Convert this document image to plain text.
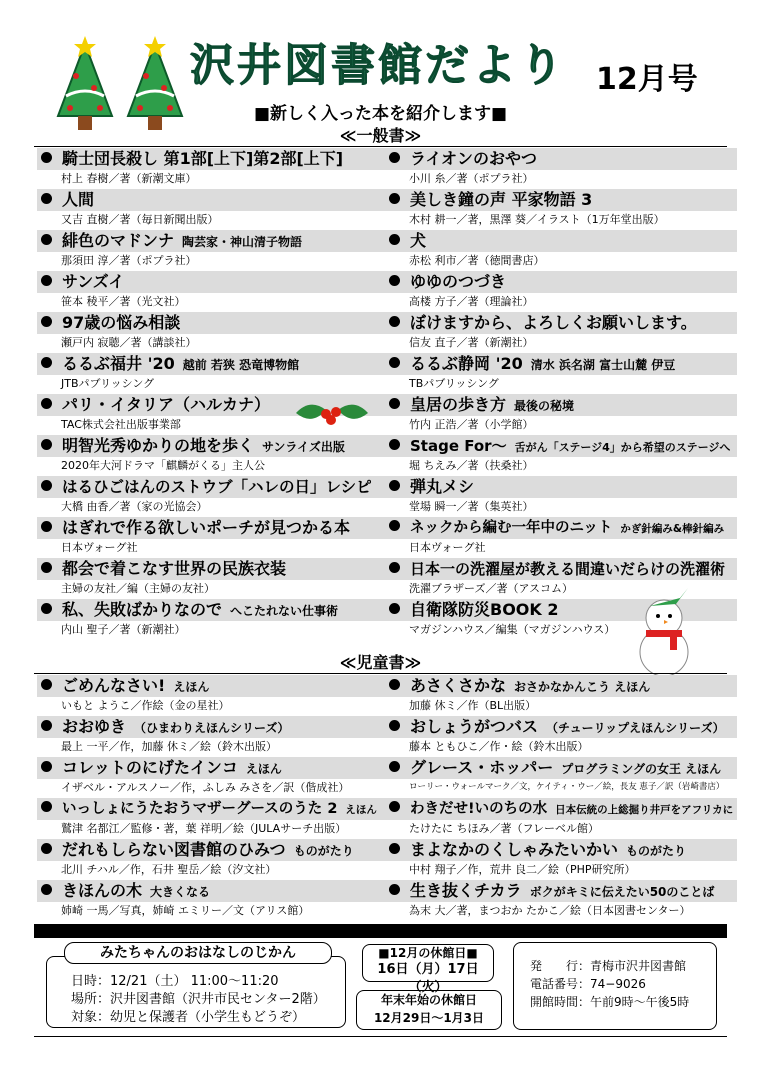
沢井図書館だより 12月号
■新しく入った本を紹介します■
≪一般書≫
騎士団長殺し 第1部[上下]第2部[上下]
村上 春樹／著（新潮文庫）
人間
又吉 直樹／著（毎日新聞出版）
緋色のマドンナ 陶芸家・神山清子物語
那須田 淳／著（ポプラ社）
サンズイ
笹本 稜平／著（光文社）
97歳の悩み相談
瀬戸内 寂聴／著（講談社）
るるぶ福井 '20 越前 若狭 恐竜博物館
JTBパブリッシング
パリ・イタリア（ハルカナ）
TAC株式会社出版事業部
明智光秀ゆかりの地を歩く サンライズ出版
2020年大河ドラマ「麒麟がくる」主人公
はるひごはんのストウブ「ハレの日」レシピ
大橋 由香／著（家の光協会）
はぎれで作る欲しいポーチが見つかる本
日本ヴォーグ社
都会で着こなす世界の民族衣装
主婦の友社／編（主婦の友社）
私、失敗ばかりなので へこたれない仕事術
内山 聖子／著（新潮社）
ライオンのおやつ
小川 糸／著（ポプラ社）
美しき鐘の声 平家物語 3
木村 耕一／著，黒澤 葵／イラスト（1万年堂出版）
犬
赤松 利市／著（徳間書店）
ゆゆのつづき
高楼 方子／著（理論社）
ぼけますから、よろしくお願いします。
信友 直子／著（新潮社）
るるぶ静岡 '20 清水 浜名湖 富士山麓 伊豆
TBパブリッシング
皇居の歩き方 最後の秘境
竹内 正浩／著（小学館）
Stage For〜 舌がん「ステージ4」から希望のステージへ
堀 ちえみ／著（扶桑社）
弾丸メシ
堂場 瞬一／著（集英社）
ネックから編む一年中のニット かぎ針編み&棒針編み
日本ヴォーグ社
日本一の洗濯屋が教える間違いだらけの洗濯術
洗濯ブラザーズ／著（アスコム）
自衛隊防災BOOK 2
マガジンハウス／編集（マガジンハウス）
≪児童書≫
ごめんなさい! えほん
いもと ようこ／作絵（金の星社）
おおゆき （ひまわりえほんシリーズ）
最上 一平／作，加藤 休ミ／絵（鈴木出版）
コレットのにげたインコ えほん
イザベル・アルスノー／作，ふしみ みさを／訳（偕成社）
いっしょにうたおうマザーグースのうた 2 えほん
鷲津 名都江／監修・著，葉 祥明／絵（JULAサーチ出版）
だれもしらない図書館のひみつ ものがたり
北川 チハル／作，石井 聖岳／絵（汐文社）
きほんの木 大きくなる
姉崎 一馬／写真，姉崎 エミリー／文（アリス館）
あさくさかな おさかなかんこう えほん
加藤 休ミ／作（BL出版）
おしょうがつバス （チューリップえほんシリーズ）
藤本 ともひこ／作・絵（鈴木出版）
グレース・ホッパー プログラミングの女王 えほん
ローリー・ウォールマーク／文，ケイティ・ウー／絵，長友 恵子／訳（岩崎書店）
わきだせ!いのちの水 日本伝統の上総掘り井戸をアフリカに
たけたに ちほみ／著（フレーベル館）
まよなかのくしゃみたいかい ものがたり
中村 翔子／作，荒井 良二／絵（PHP研究所）
生き抜くチカラ ボクがキミに伝えたい50のことば
為末 大／著，まつおか たかこ／絵（日本図書センター）
日時：12/21（土） 11:00〜11:20
場所：沢井図書館（沢井市民センター2階）
対象：幼児と保護者（小学生もどうぞ）
みたちゃんのおはなしのじかん	■12月の休館日■
16日（月）17日（火）
年末年始の休館日
12月29日〜1月3日
発　　行：青梅市沢井図書館
電話番号：74−9026
開館時間：午前9時〜午後5時
